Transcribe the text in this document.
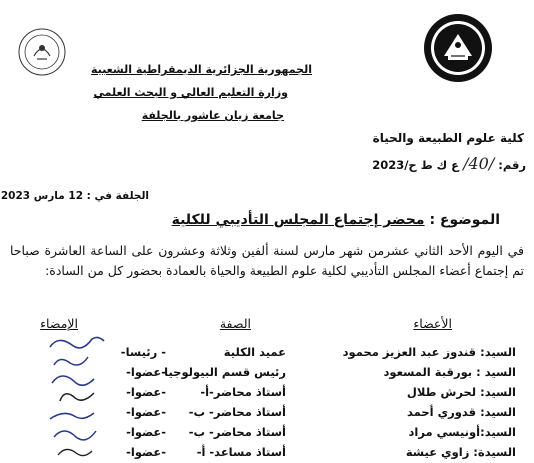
الجمهورية الجزائرية الديمقراطية الشعبية
وزارة التعليم العالي و البحث العلمي
جامعة زيان عاشور بالجلفة
كلية علوم الطبيعة والحياة
رقم: /40/ ع ك ط ح/2023
الجلفة في : 12 مارس 2023
الموضوع : محضر إجتماع المجلس التأديبي للكلية
في اليوم الأحد الثاني عشرمن شهر مارس لسنة ألفين وثلاثة وعشرون على الساعة العاشرة صباحا تم إجتماع أعضاء المجلس التأديبي لكلية علوم الطبيعة والحياة بالعمادة بحضور كل من السادة:
الأعضاء
الصفة
الإمضاء
السيد: قندوز عبد العزيز محمود
عميد الكلية
- رئيسا-
السيد : بورقبة المسعود
رئيس قسم البيولوجيا
-عضوا-
السيد: لحرش طلال
أستاذ محاضر-أ-
-عضوا-
السيد: قدوري أحمد
أستاذ محاضر- ب-
-عضوا-
السيد:أونيسي مراد
أستاذ محاضر- ب-
-عضوا-
السيدة: زاوي عيشة
أستاذ مساعد- أ-
-عضوا-
